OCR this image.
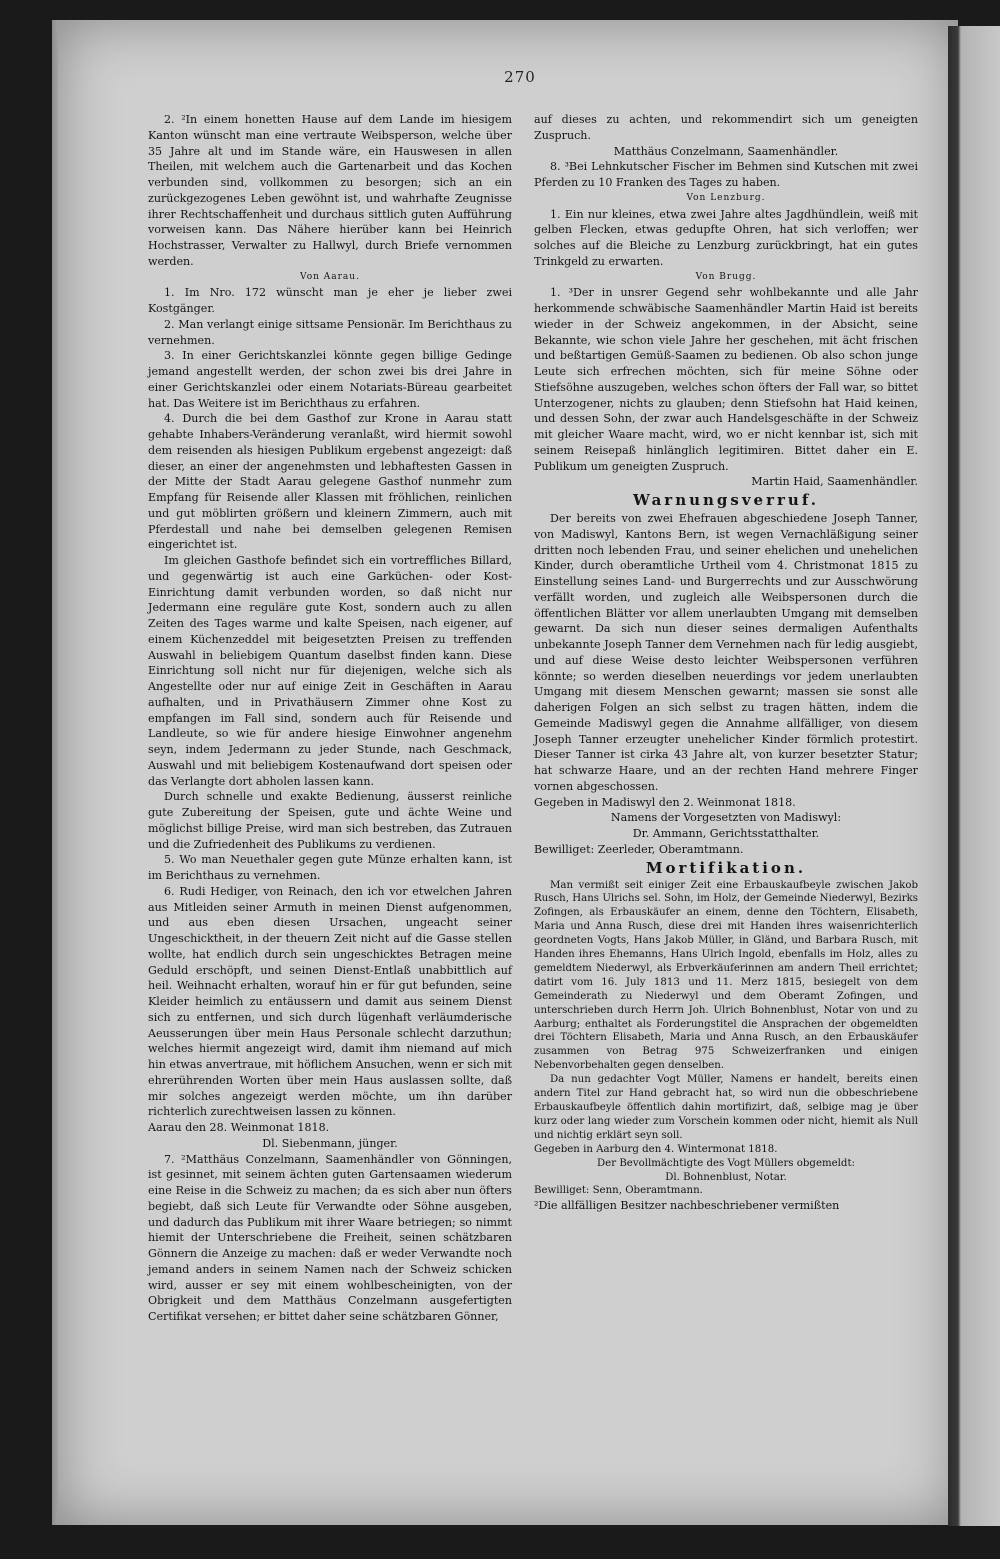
270

2. ²In einem honetten Hause auf dem Lande im hiesigem Kanton wünscht man eine vertraute Weibsperson, welche über 35 Jahre alt und im Stande wäre, ein Hauswesen in allen Theilen, mit welchem auch die Gartenarbeit und das Kochen verbunden sind, vollkommen zu besorgen; sich an ein zurückgezogenes Leben gewöhnt ist, und wahrhafte Zeugnisse ihrer Rechtschaffenheit und durchaus sittlich guten Aufführung vorweisen kann. Das Nähere hierüber kann bei Heinrich Hochstrasser, Verwalter zu Hallwyl, durch Briefe vernommen werden.

Von Aarau.

1. Im Nro. 172 wünscht man je eher je lieber zwei Kostgänger.

2. Man verlangt einige sittsame Pensionär. Im Berichthaus zu vernehmen.

3. In einer Gerichtskanzlei könnte gegen billige Gedinge jemand angestellt werden, der schon zwei bis drei Jahre in einer Gerichtskanzlei oder einem Notariats-Büreau gearbeitet hat. Das Weitere ist im Berichthaus zu erfahren.

4. Durch die bei dem Gasthof zur Krone in Aarau statt gehabte Inhabers-Veränderung veranlaßt, wird hiermit sowohl dem reisenden als hiesigen Publikum ergebenst angezeigt: daß dieser, an einer der angenehmsten und lebhaftesten Gassen in der Mitte der Stadt Aarau gelegene Gasthof nunmehr zum Empfang für Reisende aller Klassen mit fröhlichen, reinlichen und gut möblirten größern und kleinern Zimmern, auch mit Pferdestall und nahe bei demselben gelegenen Remisen eingerichtet ist.

Im gleichen Gasthofe befindet sich ein vortreffliches Billard, und gegenwärtig ist auch eine Garküchen- oder Kost-Einrichtung damit verbunden worden, so daß nicht nur Jedermann eine reguläre gute Kost, sondern auch zu allen Zeiten des Tages warme und kalte Speisen, nach eigener, auf einem Küchenzeddel mit beigesetzten Preisen zu treffenden Auswahl in beliebigem Quantum daselbst finden kann. Diese Einrichtung soll nicht nur für diejenigen, welche sich als Angestellte oder nur auf einige Zeit in Geschäften in Aarau aufhalten, und in Privathäusern Zimmer ohne Kost zu empfangen im Fall sind, sondern auch für Reisende und Landleute, so wie für andere hiesige Einwohner angenehm seyn, indem Jedermann zu jeder Stunde, nach Geschmack, Auswahl und mit beliebigem Kostenaufwand dort speisen oder das Verlangte dort abholen lassen kann.

Durch schnelle und exakte Bedienung, äusserst reinliche gute Zubereitung der Speisen, gute und ächte Weine und möglichst billige Preise, wird man sich bestreben, das Zutrauen und die Zufriedenheit des Publikums zu verdienen.

5. Wo man Neuethaler gegen gute Münze erhalten kann, ist im Berichthaus zu vernehmen.

6. Rudi Hediger, von Reinach, den ich vor etwelchen Jahren aus Mitleiden seiner Armuth in meinen Dienst aufgenommen, und aus eben diesen Ursachen, ungeacht seiner Ungeschicktheit, in der theuern Zeit nicht auf die Gasse stellen wollte, hat endlich durch sein ungeschicktes Betragen meine Geduld erschöpft, und seinen Dienst-Entlaß unabbittlich auf heil. Weihnacht erhalten, worauf hin er für gut befunden, seine Kleider heimlich zu entäussern und damit aus seinem Dienst sich zu entfernen, und sich durch lügenhaft verläumderische Aeusserungen über mein Haus Personale schlecht darzuthun; welches hiermit angezeigt wird, damit ihm niemand auf mich hin etwas anvertraue, mit höflichem Ansuchen, wenn er sich mit ehrerührenden Worten über mein Haus auslassen sollte, daß mir solches angezeigt werden möchte, um ihn darüber richterlich zurechtweisen lassen zu können.

Aarau den 28. Weinmonat 1818.

Dl. Siebenmann, jünger.

7. ²Matthäus Conzelmann, Saamenhändler von Gönningen, ist gesinnet, mit seinem ächten guten Gartensaamen wiederum eine Reise in die Schweiz zu machen; da es sich aber nun öfters begiebt, daß sich Leute für Verwandte oder Söhne ausgeben, und dadurch das Publikum mit ihrer Waare betriegen; so nimmt hiemit der Unterschriebene die Freiheit, seinen schätzbaren Gönnern die Anzeige zu machen: daß er weder Verwandte noch jemand anders in seinem Namen nach der Schweiz schicken wird, ausser er sey mit einem wohlbescheinigten, von der Obrigkeit und dem Matthäus Conzelmann ausgefertigten Certifikat versehen; er bittet daher seine schätzbaren Gönner,

auf dieses zu achten, und rekommendirt sich um geneigten Zuspruch.

Matthäus Conzelmann, Saamenhändler.

8. ³Bei Lehnkutscher Fischer im Behmen sind Kutschen mit zwei Pferden zu 10 Franken des Tages zu haben.

Von Lenzburg.

1. Ein nur kleines, etwa zwei Jahre altes Jagdhündlein, weiß mit gelben Flecken, etwas gedupfte Ohren, hat sich verloffen; wer solches auf die Bleiche zu Lenzburg zurückbringt, hat ein gutes Trinkgeld zu erwarten.

Von Brugg.

1. ³Der in unsrer Gegend sehr wohlbekannte und alle Jahr herkommende schwäbische Saamenhändler Martin Haid ist bereits wieder in der Schweiz angekommen, in der Absicht, seine Bekannte, wie schon viele Jahre her geschehen, mit ächt frischen und beßtartigen Gemüß-Saamen zu bedienen. Ob also schon junge Leute sich erfrechen möchten, sich für meine Söhne oder Stiefsöhne auszugeben, welches schon öfters der Fall war, so bittet Unterzogener, nichts zu glauben; denn Stiefsohn hat Haid keinen, und dessen Sohn, der zwar auch Handelsgeschäfte in der Schweiz mit gleicher Waare macht, wird, wo er nicht kennbar ist, sich mit seinem Reisepaß hinlänglich legitimiren. Bittet daher ein E. Publikum um geneigten Zuspruch.

Martin Haid, Saamenhändler.

Warnungsverruf.

Der bereits von zwei Ehefrauen abgeschiedene Joseph Tanner, von Madiswyl, Kantons Bern, ist wegen Vernachläßigung seiner dritten noch lebenden Frau, und seiner ehelichen und unehelichen Kinder, durch oberamtliche Urtheil vom 4. Christmonat 1815 zu Einstellung seines Land- und Burgerrechts und zur Ausschwörung verfällt worden, und zugleich alle Weibspersonen durch die öffentlichen Blätter vor allem unerlaubten Umgang mit demselben gewarnt. Da sich nun dieser seines dermaligen Aufenthalts unbekannte Joseph Tanner dem Vernehmen nach für ledig ausgiebt, und auf diese Weise desto leichter Weibspersonen verführen könnte; so werden dieselben neuerdings vor jedem unerlaubten Umgang mit diesem Menschen gewarnt; massen sie sonst alle daherigen Folgen an sich selbst zu tragen hätten, indem die Gemeinde Madiswyl gegen die Annahme allfälliger, von diesem Joseph Tanner erzeugter unehelicher Kinder förmlich protestirt. Dieser Tanner ist cirka 43 Jahre alt, von kurzer besetzter Statur; hat schwarze Haare, und an der rechten Hand mehrere Finger vornen abgeschossen.

Gegeben in Madiswyl den 2. Weinmonat 1818.

Namens der Vorgesetzten von Madiswyl:

Dr. Ammann, Gerichtsstatthalter.

Bewilliget: Zeerleder, Oberamtmann.

Mortifikation.

Man vermißt seit einiger Zeit eine Erbauskaufbeyle zwischen Jakob Rusch, Hans Ulrichs sel. Sohn, im Holz, der Gemeinde Niederwyl, Bezirks Zofingen, als Erbauskäufer an einem, denne den Töchtern, Elisabeth, Maria und Anna Rusch, diese drei mit Handen ihres waisenrichterlich geordneten Vogts, Hans Jakob Müller, in Gländ, und Barbara Rusch, mit Handen ihres Ehemanns, Hans Ulrich Ingold, ebenfalls im Holz, alles zu gemeldtem Niederwyl, als Erbverkäuferinnen am andern Theil errichtet; datirt vom 16. July 1813 und 11. Merz 1815, besiegelt von dem Gemeinderath zu Niederwyl und dem Oberamt Zofingen, und unterschrieben durch Herrn Joh. Ulrich Bohnenblust, Notar von und zu Aarburg; enthaltet als Forderungstitel die Ansprachen der obgemeldten drei Töchtern Elisabeth, Maria und Anna Rusch, an den Erbauskäufer zusammen von Betrag 975 Schweizerfranken und einigen Nebenvorbehalten gegen denselben.

Da nun gedachter Vogt Müller, Namens er handelt, bereits einen andern Titel zur Hand gebracht hat, so wird nun die obbeschriebene Erbauskaufbeyle öffentlich dahin mortifizirt, daß, selbige mag je über kurz oder lang wieder zum Vorschein kommen oder nicht, hiemit als Null und nichtig erklärt seyn soll.

Gegeben in Aarburg den 4. Wintermonat 1818.

Der Bevollmächtigte des Vogt Müllers obgemeldt:

Dl. Bohnenblust, Notar.

Bewilliget: Senn, Oberamtmann.

²Die allfälligen Besitzer nachbeschriebener vermißten
